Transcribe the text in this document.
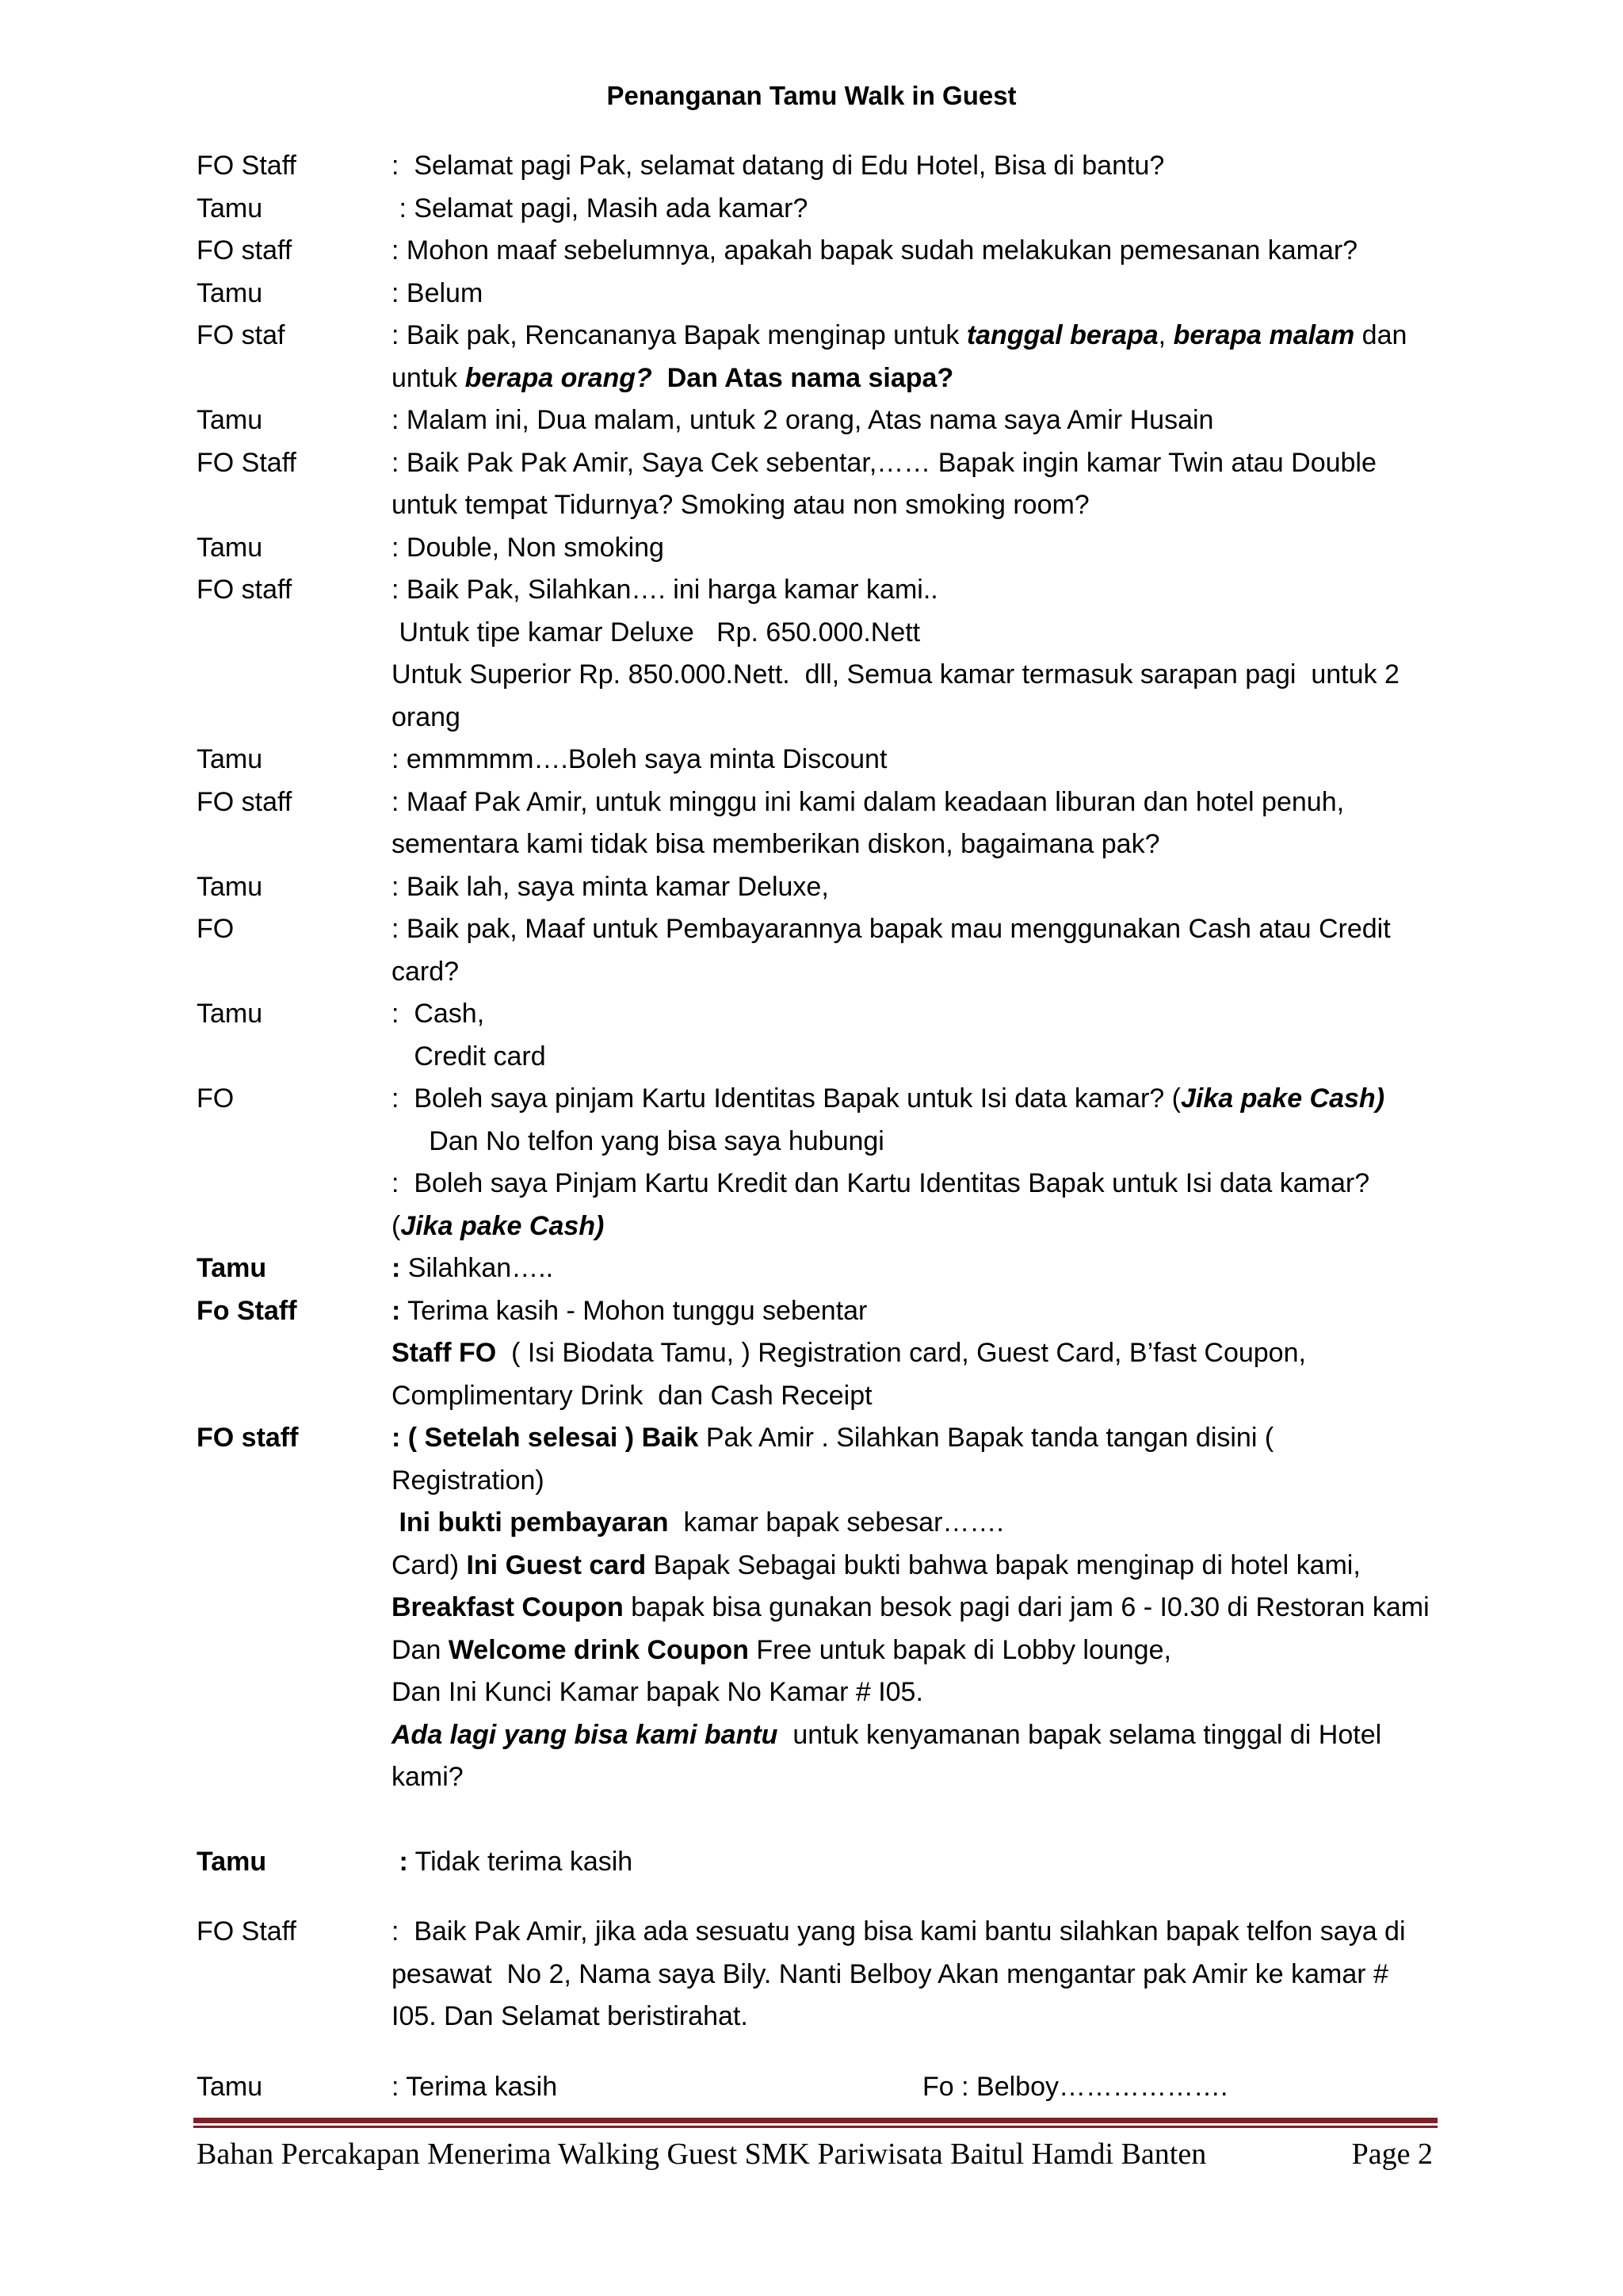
Penanganan Tamu Walk in Guest
FO Staff	:  Selamat pagi Pak, selamat datang di Edu Hotel, Bisa di bantu?
Tamu	: Selamat pagi, Masih ada kamar?
FO staff	: Mohon maaf sebelumnya, apakah bapak sudah melakukan pemesanan kamar?
Tamu	: Belum
FO staf	: Baik pak, Rencananya Bapak menginap untuk tanggal berapa, berapa malam dan
untuk berapa orang? Dan Atas nama siapa?
Tamu	: Malam ini, Dua malam, untuk 2 orang, Atas nama saya Amir Husain
FO Staff	: Baik Pak Pak Amir, Saya Cek sebentar,…… Bapak ingin kamar Twin atau Double
untuk tempat Tidurnya? Smoking atau non smoking room?
Tamu	: Double, Non smoking
FO staff	: Baik Pak, Silahkan…. ini harga kamar kami..
Untuk tipe kamar Deluxe   Rp. 650.000.Nett
Untuk Superior Rp. 850.000.Nett.  dll, Semua kamar termasuk sarapan pagi  untuk 2
orang
Tamu	: emmmmm….Boleh saya minta Discount
FO staff	: Maaf Pak Amir, untuk minggu ini kami dalam keadaan liburan dan hotel penuh,
sementara kami tidak bisa memberikan diskon, bagaimana pak?
Tamu	: Baik lah, saya minta kamar Deluxe,
FO	: Baik pak, Maaf untuk Pembayarannya bapak mau menggunakan Cash atau Credit
card?
Tamu	:  Cash,
Credit card
FO	:  Boleh saya pinjam Kartu Identitas Bapak untuk Isi data kamar? (Jika pake Cash)
Dan No telfon yang bisa saya hubungi
:  Boleh saya Pinjam Kartu Kredit dan Kartu Identitas Bapak untuk Isi data kamar?
(Jika pake Cash)
Tamu	: Silahkan…..
Fo Staff	: Terima kasih - Mohon tunggu sebentar
Staff FO  ( Isi Biodata Tamu, ) Registration card, Guest Card, B’fast Coupon,
Complimentary Drink  dan Cash Receipt
FO staff	: ( Setelah selesai ) Baik Pak Amir . Silahkan Bapak tanda tangan disini ( Registration)
Ini bukti pembayaran  kamar bapak sebesar…….
Card) Ini Guest card Bapak Sebagai bukti bahwa bapak menginap di hotel kami,
Breakfast Coupon bapak bisa gunakan besok pagi dari jam 6 - I0.30 di Restoran kami
Dan Welcome drink Coupon Free untuk bapak di Lobby lounge,
Dan Ini Kunci Kamar bapak No Kamar # I05.
Ada lagi yang bisa kami bantu  untuk kenyamanan bapak selama tinggal di Hotel
kami?
Tamu	: Tidak terima kasih
FO Staff	:  Baik Pak Amir, jika ada sesuatu yang bisa kami bantu silahkan bapak telfon saya di
pesawat  No 2, Nama saya Bily. Nanti Belboy Akan mengantar pak Amir ke kamar #
I05. Dan Selamat beristirahat.
Tamu	: Terima kasih	Fo : Belboy……………….
Bahan Percakapan Menerima Walking Guest SMK Pariwisata Baitul Hamdi Banten	Page 2
